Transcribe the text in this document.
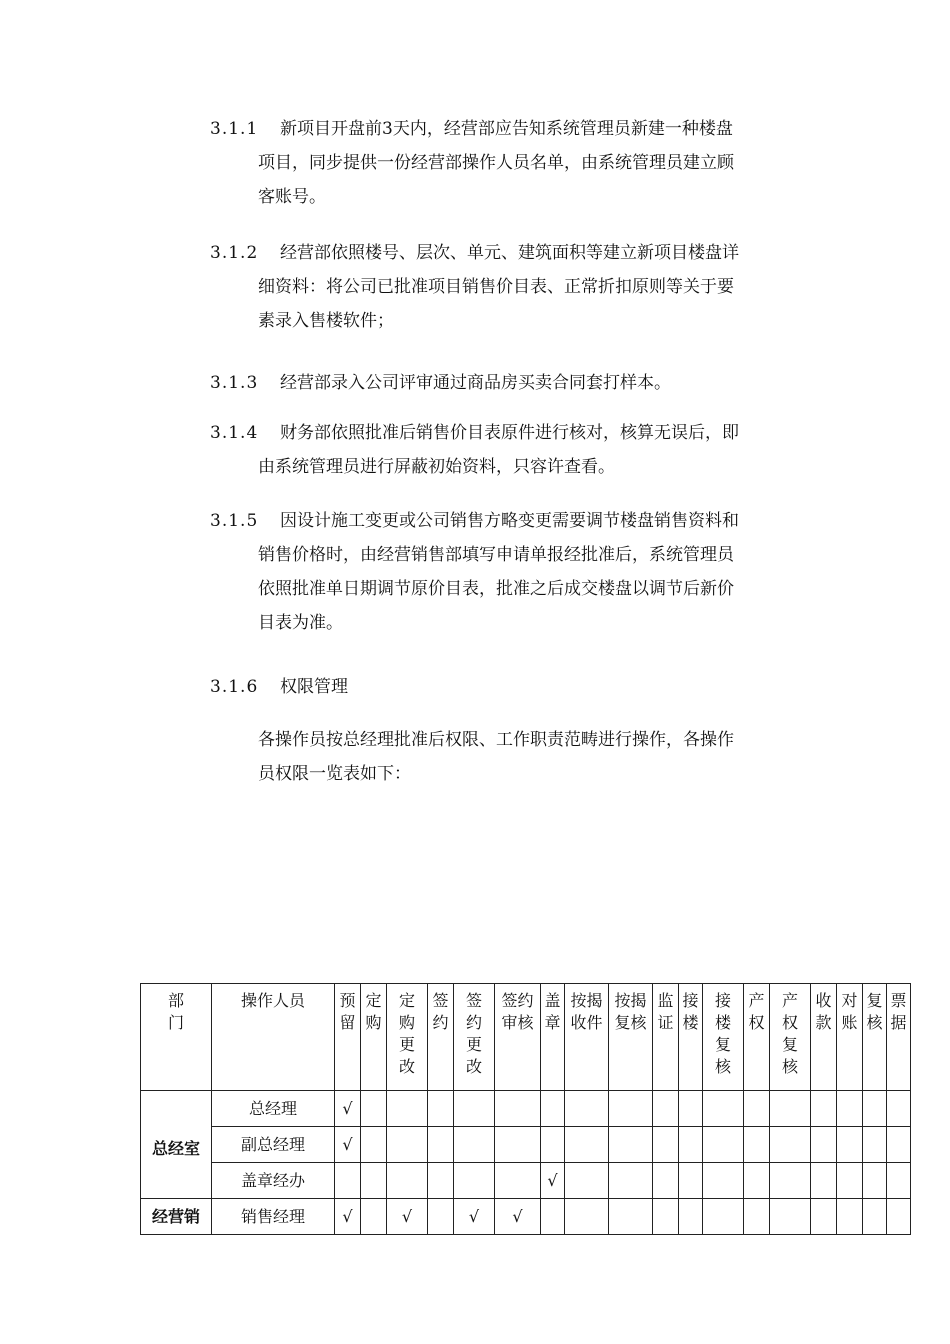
3.1.1	新项目开盘前3天内，经营部应告知系统管理员新建一种楼盘
项目，同步提供一份经营部操作人员名单，由系统管理员建立顾
客账号。
3.1.2	经营部依照楼号、层次、单元、建筑面积等建立新项目楼盘详
细资料：将公司已批准项目销售价目表、正常折扣原则等关于要
素录入售楼软件；
3.1.3	经营部录入公司评审通过商品房买卖合同套打样本。
3.1.4	财务部依照批准后销售价目表原件进行核对，核算无误后，即
由系统管理员进行屏蔽初始资料，只容许查看。
3.1.5	因设计施工变更或公司销售方略变更需要调节楼盘销售资料和
销售价格时，由经营销售部填写申请单报经批准后，系统管理员
依照批准单日期调节原价目表，批准之后成交楼盘以调节后新价
目表为准。
3.1.6	权限管理
各操作员按总经理批准后权限、工作职责范畴进行操作，各操作
员权限一览表如下：
部
门	操作人员	预
留	定
购	定
购
更
改	签
约	签
约
更
改	签约
审核	盖
章	按揭
收件	按揭
复核	监
证	接
楼	接
楼
复
核	产
权	产
权
复
核	收
款	对
账	复
核	票
据

总经室	总经理	√																	
	副总经理	√																	
	盖章经办							√											
经营销	销售经理	√		√		√	√												
